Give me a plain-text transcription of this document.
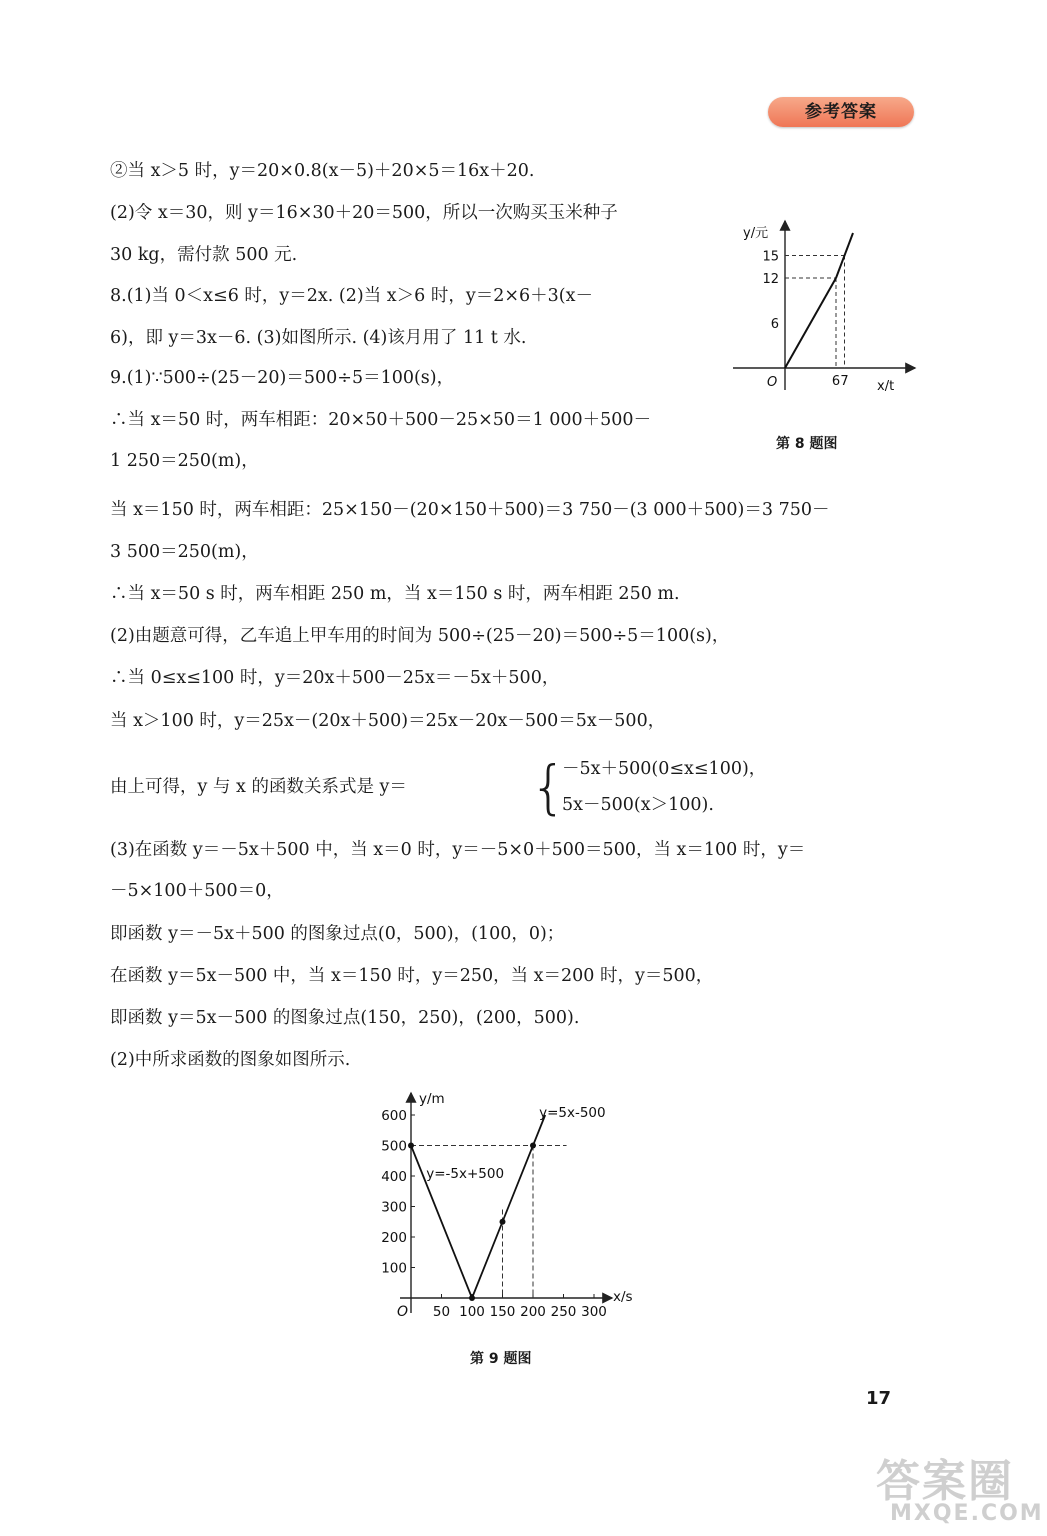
参考答案
②当 x＞5 时，y＝20×0.8(x－5)＋20×5＝16x＋20.
(2)令 x＝30，则 y＝16×30＋20＝500，所以一次购买玉米种子
30 kg，需付款 500 元.
8.(1)当 0＜x≤6 时，y＝2x. (2)当 x＞6 时，y＝2×6＋3(x－
6)，即 y＝3x－6. (3)如图所示. (4)该月用了 11 t 水.
9.(1)∵500÷(25－20)＝500÷5＝100(s)，
∴当 x＝50 时，两车相距：20×50＋500－25×50＝1 000＋500－
1 250＝250(m)，
当 x＝150 时，两车相距：25×150－(20×150＋500)＝3 750－(3 000＋500)＝3 750－
3 500＝250(m)，
∴当 x＝50 s 时，两车相距 250 m，当 x＝150 s 时，两车相距 250 m.
(2)由题意可得，乙车追上甲车用的时间为 500÷(25－20)＝500÷5＝100(s)，
∴当 0≤x≤100 时，y＝20x＋500－25x＝－5x＋500，
当 x＞100 时，y＝25x－(20x＋500)＝25x－20x－500＝5x－500，
由上可得，y 与 x 的函数关系式是 y＝ {
－5x＋500(0≤x≤100)，
5x－500(x＞100).
(3)在函数 y＝－5x＋500 中，当 x＝0 时，y＝－5×0＋500＝500，当 x＝100 时，y＝
－5×100＋500＝0，
即函数 y＝－5x＋500 的图象过点(0，500)，(100，0)；
在函数 y＝5x－500 中，当 x＝150 时，y＝250，当 x＝200 时，y＝500，
即函数 y＝5x－500 的图象过点(150，250)，(200，500).
(2)中所求函数的图象如图所示.
6
12
15
6 7
O
y/元
x/t
第 8 题图
50 100 150 200 250 300
100
200
300
400
500
600
y=-5x+500
y=5x-500
O
y/m
x/s
第 9 题图
17
答案圈
MXQE.COM
